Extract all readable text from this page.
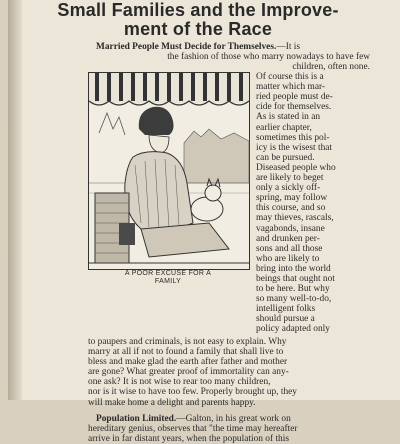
Small Families and the Improve-
ment of the Race
Married People Must Decide for Themselves.—It is
the fashion of those who marry nowadays to have few
A POOR EXCUSE FOR A
FAMILY
children, often none.
Of course this is a
matter which mar-
ried people must de-
cide for themselves.
As is stated in an
earlier chapter,
sometimes this pol-
icy is the wisest that
can be pursued.
Diseased people who
are likely to beget
only a sickly off-
spring, may follow
this course, and so
may thieves, rascals,
vagabonds, insane
and drunken per-
sons and all those
who are likely to
bring into the world
beings that ought not
to be here. But why
so many well-to-do,
intelligent folks
should pursue a
policy adapted only
to paupers and criminals, is not easy to explain. Why
marry at all if not to found a family that shall live to
bless and make glad the earth after father and mother
are gone? What greater proof of immortality can any-
one ask? It is not wise to rear too many children,
nor is it wise to have too few. Properly brought up, they
will make home a delight and parents happy.
Population Limited.—Galton, in his great work on
hereditary genius, observes that "the time may hereafter
arrive in far distant years, when the population of this
